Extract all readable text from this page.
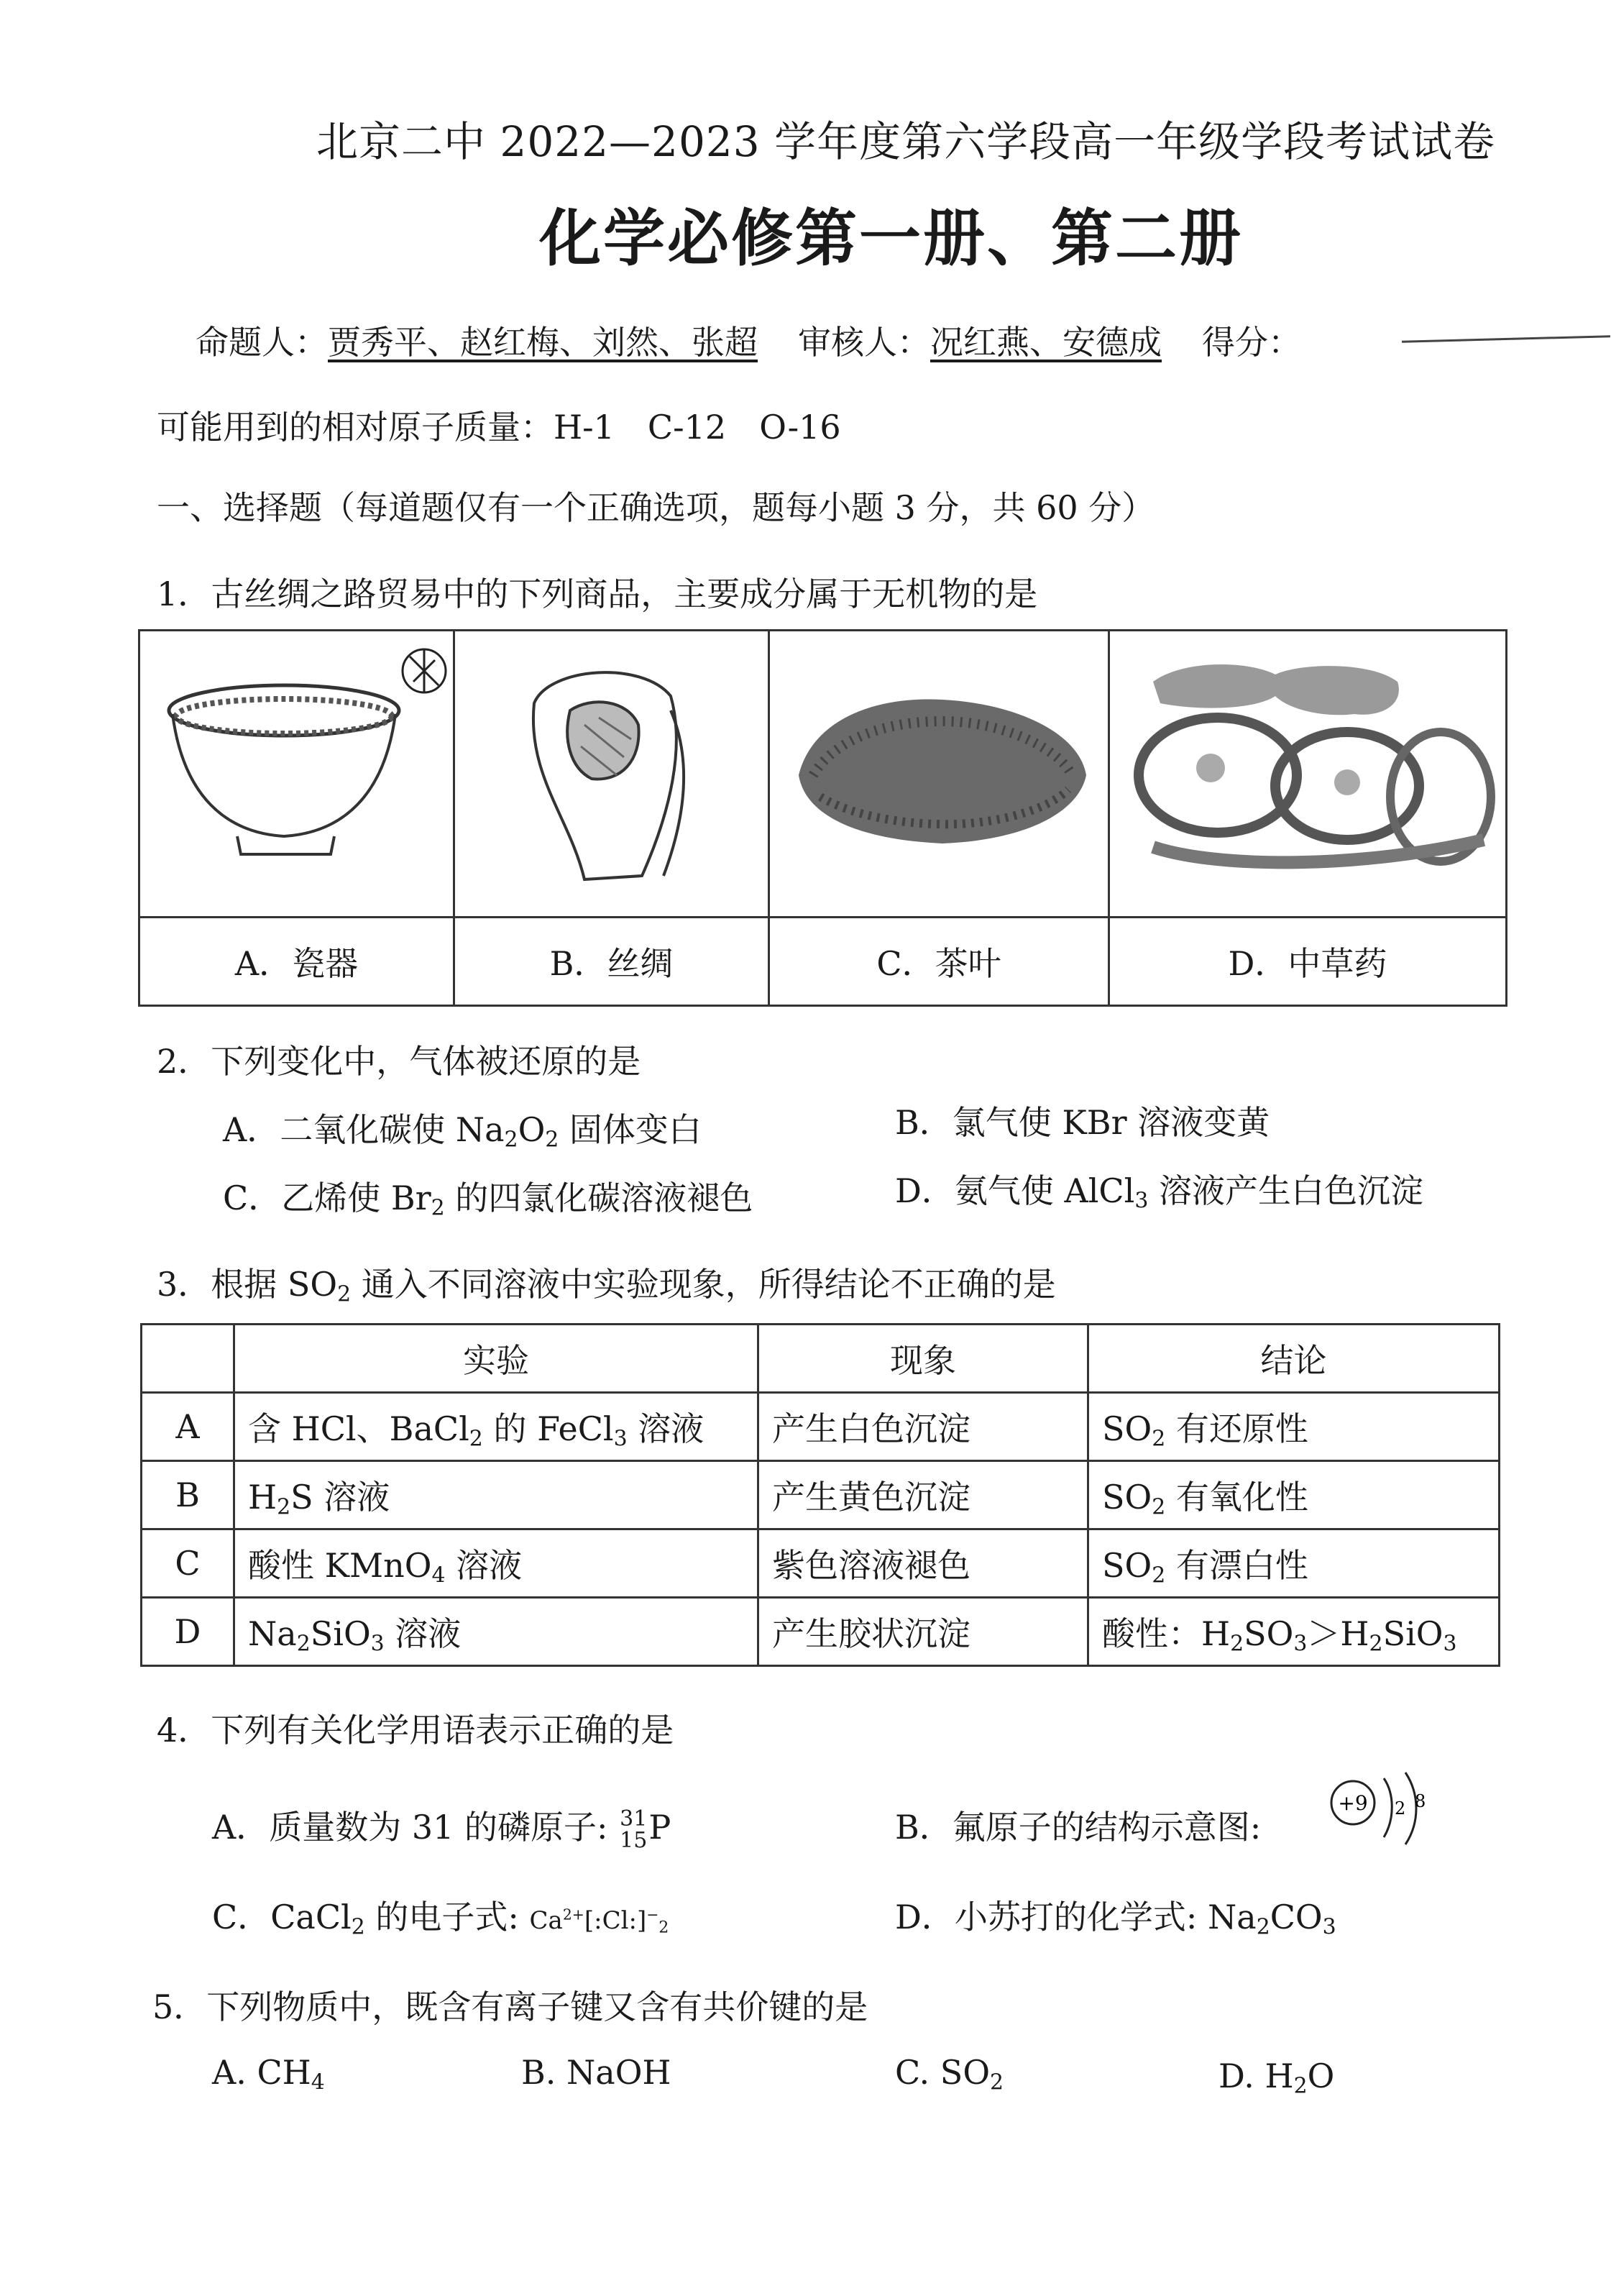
北京二中 2022—2023 学年度第六学段高一年级学段考试试卷
化学必修第一册、第二册
命题人：贾秀平、赵红梅、刘然、张超 审核人：况红燕、安德成 得分：
可能用到的相对原子质量：H-1　C-12　O-16
一、选择题（每道题仅有一个正确选项，题每小题 3 分，共 60 分）
1．古丝绸之路贸易中的下列商品，主要成分属于无机物的是

A．瓷器	B．丝绸	C．茶叶	D．中草药
2．下列变化中，气体被还原的是
A．二氧化碳使 $Na_2O_2$ 固体变白	B．氯气使 KBr 溶液变黄
C．乙烯使 $Br_2$ 的四氯化碳溶液褪色	D．氨气使 AlCl$_3$ 溶液产生白色沉淀
3．根据 $SO_2$ 通入不同溶液中实验现象，所得结论不正确的是
	实验	现象	结论
A	含 HCl、BaCl$_2$ 的 FeCl$_3$ 溶液	产生白色沉淀	$SO_2$ 有还原性
B	$H_2S$ 溶液	产生黄色沉淀	$SO_2$ 有氧化性
C	酸性 KMnO$_4$ 溶液	紫色溶液褪色	$SO_2$ 有漂白性
D	$Na_2SiO_3$ 溶液	产生胶状沉淀	酸性：$H_2SO_3>H_2SiO_3$
4．下列有关化学用语表示正确的是
A．质量数为 31 的磷原子: 31
15 P	B．氟原子的结构示意图:
+9 2 8
C．CaCl$_2$ 的电子式: $Ca^{2+}[:Cl:]^-_2$	D．小苏打的化学式: $Na_2CO_3$
5．下列物质中，既含有离子键又含有共价键的是
A. $CH_4$	B. NaOH	C. $SO_2$	D. $H_2O$
